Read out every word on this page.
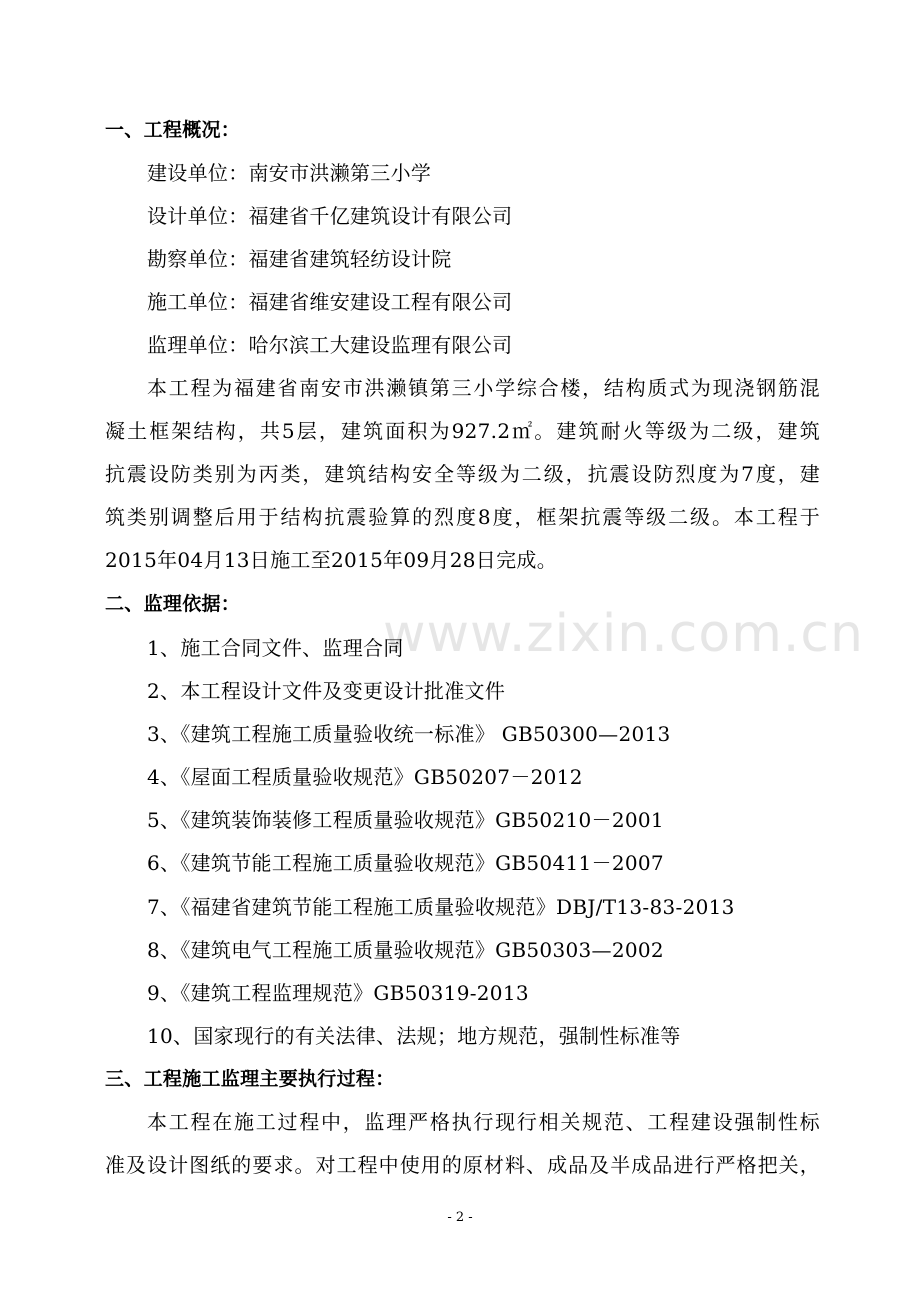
www.zixin.com.cn
一、工程概况：
建设单位：南安市洪濑第三小学
设计单位：福建省千亿建筑设计有限公司
勘察单位：福建省建筑轻纺设计院
施工单位：福建省维安建设工程有限公司
监理单位：哈尔滨工大建设监理有限公司
本工程为福建省南安市洪濑镇第三小学综合楼，结构质式为现浇钢筋混
凝土框架结构，共5层，建筑面积为927.2㎡。建筑耐火等级为二级，建筑
抗震设防类别为丙类，建筑结构安全等级为二级，抗震设防烈度为7度，建
筑类别调整后用于结构抗震验算的烈度8度，框架抗震等级二级。本工程于
2015年04月13日施工至2015年09月28日完成。
二、监理依据：
1、施工合同文件、监理合同
2、本工程设计文件及变更设计批准文件
3、《建筑工程施工质量验收统一标准》 GB50300—2013
4、《屋面工程质量验收规范》GB50207－2012
5、《建筑装饰装修工程质量验收规范》GB50210－2001
6、《建筑节能工程施工质量验收规范》GB50411－2007
7、《福建省建筑节能工程施工质量验收规范》DBJ/T13-83-2013
8、《建筑电气工程施工质量验收规范》GB50303—2002
9、《建筑工程监理规范》GB50319-2013
10、国家现行的有关法律、法规；地方规范，强制性标准等
三、工程施工监理主要执行过程：
本工程在施工过程中，监理严格执行现行相关规范、工程建设强制性标
准及设计图纸的要求。对工程中使用的原材料、成品及半成品进行严格把关，
- 2 -
